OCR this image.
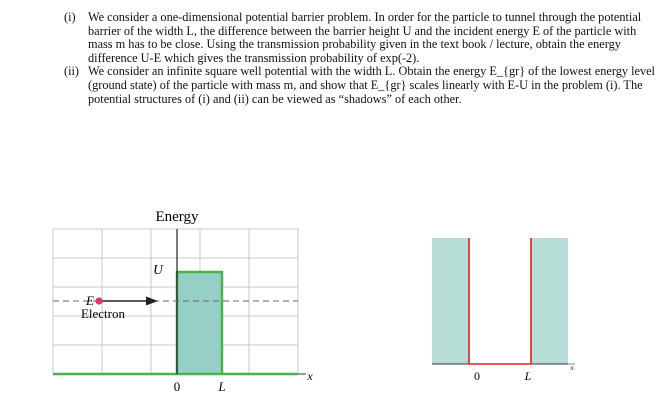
(i) We consider a one-dimensional potential barrier problem. In order for the particle to tunnel through the potential barrier of the width L, the difference between the barrier height U and the incident energy E of the particle with mass m has to be close. Using the transmission probability given in the text book / lecture, obtain the energy difference U-E which gives the transmission probability of exp(-2).
(ii) We consider an infinite square well potential with the width L. Obtain the energy E_{gr} of the lowest energy level (ground state) of the particle with mass m, and show that E_{gr} scales linearly with E-U in the problem (i). The potential structures of (i) and (ii) can be viewed as “shadows” of each other.
Energy
U
E
Electron
x
0	L
0	L
x
